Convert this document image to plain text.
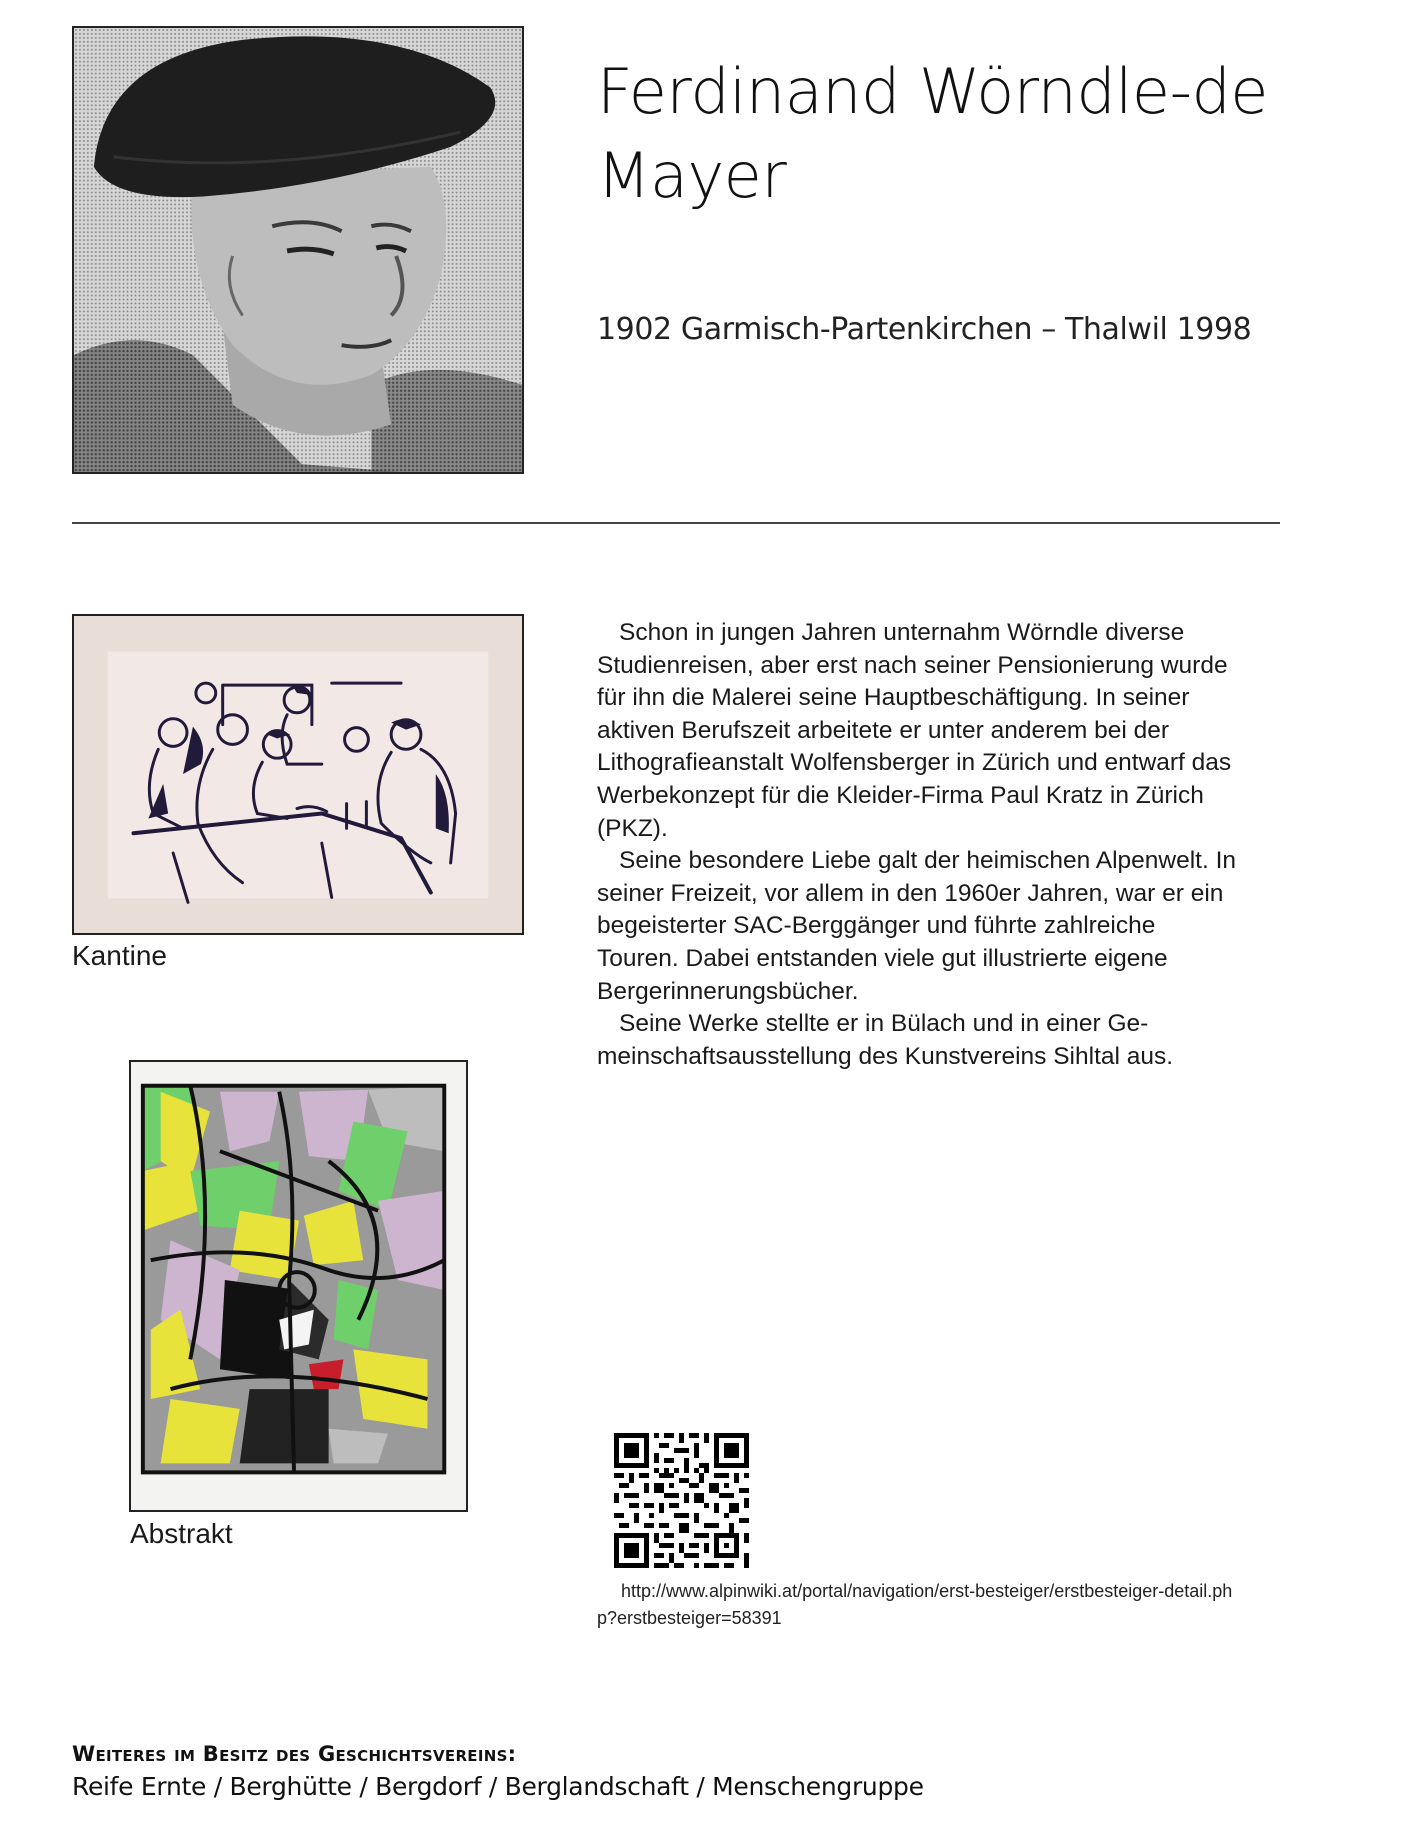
Ferdinand Wörndle-de Mayer
1902 Garmisch-Partenkirchen – Thalwil 1998
Kantine
Abstrakt

Schon in jungen Jahren unternahm Wörndle diverse Studienreisen, aber erst nach seiner Pensionierung wurde für ihn die Malerei seine Hauptbeschäftigung. In seiner aktiven Berufszeit arbeitete er unter anderem bei der Lithografieanstalt Wolfensberger in Zürich und entwarf das Werbekonzept für die Kleider-Firma Paul Kratz in Zürich (PKZ).

Seine besondere Liebe galt der heimischen Alpenwelt. In seiner Freizeit, vor allem in den 1960er Jahren, war er ein begeisterter SAC-Berggänger und führte zahlreiche Touren. Dabei entstanden viele gut illustrierte eigene Bergerinnerungsbücher.

Seine Werke stellte er in Bülach und in einer Gemeinschaftsausstellung des Kunstvereins Sihltal aus.

http://www.alpinwiki.at/portal/navigation/erst-besteiger/erstbesteiger-detail.php?erstbesteiger=58391
Weiteres im Besitz des Geschichtsvereins:
Reife Ernte / Berghütte / Bergdorf / Berglandschaft / Menschengruppe
